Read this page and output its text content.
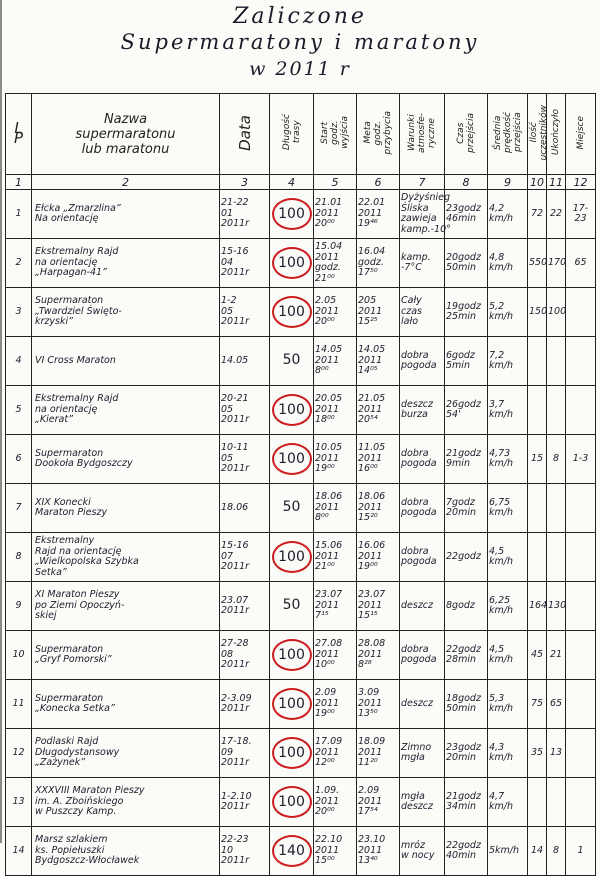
Zaliczone
Supermaratony i maratony
w 2011 r
L
P	Nazwa
supermaratonu
lub maratonu	Data	Długość
trasy	Start
godz.
wyjścia	Meta
godz.
przybycia	Warunki
atmosfe-
ryczne	Czas
przejścia	Średnia
prędkość
przejścia	Ilość
uczestników	Ukończyło	Miejsce
1	2	3	4	5	6	7	8	9	10	11	12
1	Ełcka „Zmarzlina”
Na orientację	21-22
01
2011r	100	21.01
2011
20⁰⁰	22.01
2011
19⁴⁶	Dyżyśnieg
Śliska
zawieja
kamp.-10°	23godz
46min	4,2
km/h	72	22	17-23
2	Ekstremalny Rajd
na orientację
„Harpagan-41”	15-16
04
2011r	100	15.04
2011
godz.
21⁰⁰	16.04
godz.
17⁵⁰	kamp.
-7°C	20godz
50min	4,8
km/h	550	170	65
3	Supermaraton
„Twardziel Święto-
krzyski”	1-2
05
2011r	100	2.05
2011
20⁰⁰	205
2011
15²⁵	Cały
czas
lało	19godz
25min	5,2
km/h	150	100	
4	VI Cross Maraton	14.05	50	14.05
2011
8⁰⁰	14.05
2011
14⁰⁵	dobra
pogoda	6godz
5min	7,2
km/h			
5	Ekstremalny Rajd
na orientację
„Kierat”	20-21
05
2011r	100	20.05
2011
18⁰⁰	21.05
2011
20⁵⁴	deszcz
burza	26godz
54'	3,7
km/h			
6	Supermaraton
Dookoła Bydgoszczy	10-11
05
2011r	100	10.05
2011
19⁰⁰	11.05
2011
16⁰⁰	dobra
pogoda	21godz
9min	4,73
km/h	15	8	1-3
7	XIX Konecki
Maraton Pieszy	18.06	50	18.06
2011
8⁰⁰	18.06
2011
15²⁰	dobra
pogoda	7godz
20min	6,75
km/h			
8	Ekstremalny
Rajd na orientację
„Wielkopolska Szybka
Setka”	15-16
07
2011r	100	15.06
2011
21⁰⁰	16.06
2011
19⁰⁰	dobra
pogoda	22godz	4,5
km/h			
9	XI Maraton Pieszy
po Ziemi Opoczyń-
skiej	23.07
2011r	50	23.07
2011
7¹⁵	23.07
2011
15¹⁵	deszcz	8godz	6,25
km/h	164	130	
10	Supermaraton
„Gryf Pomorski”	27-28
08
2011r	100	27.08
2011
10⁰⁰	28.08
2011
8²⁸	dobra
pogoda	22godz
28min	4,5
km/h	45	21	
11	Supermaraton
„Konecka Setka”	2-3.09
2011r	100	2.09
2011
19⁰⁰	3.09
2011
13⁵⁰	deszcz	18godz
50min	5,3
km/h	75	65	
12	Podlaski Rajd
Długodystansowy
„Zażynek”	17-18.
09
2011r	100	17.09
2011
12⁰⁰	18.09
2011
11²⁰	Zimno
mgła	23godz
20min	4,3
km/h	35	13	
13	XXXVIII Maraton Pieszy
im. A. Zboińskiego
w Puszczy Kamp.	1-2.10
2011r	100	1.09.
2011
20⁰⁰	2.09
2011
17⁵⁴	mgła
deszcz	21godz
34min	4,7
km/h			
14	Marsz szlakiem
ks. Popiełuszki
Bydgoszcz-Włocławek	22-23
10
2011r	140	22.10
2011
15⁰⁰	23.10
2011
13⁴⁰	mróz
w nocy	22godz
40min	5km/h	14	8	1
